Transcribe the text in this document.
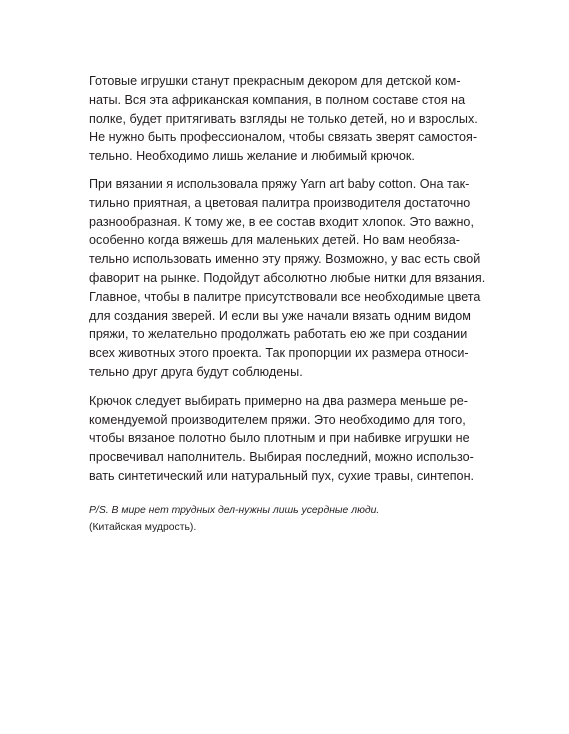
Готовые игрушки станут прекрасным декором для детской ком-
наты. Вся эта африканская компания, в полном составе стоя на
полке, будет притягивать взгляды не только детей, но и взрослых.
Не нужно быть профессионалом, чтобы связать зверят самостоя-
тельно. Необходимо лишь желание и любимый крючок.

При вязании я использовала пряжу Yarn art baby cotton. Она так-
тильно приятная, а цветовая палитра производителя достаточно
разнообразная. К тому же, в ее состав входит хлопок. Это важно,
особенно когда вяжешь для маленьких детей. Но вам необяза-
тельно использовать именно эту пряжу. Возможно, у вас есть свой
фаворит на рынке. Подойдут абсолютно любые нитки для вязания.
Главное, чтобы в палитре присутствовали все необходимые цвета
для создания зверей. И если вы уже начали вязать одним видом
пряжи, то желательно продолжать работать ею же при создании
всех животных этого проекта. Так пропорции их размера относи-
тельно друг друга будут соблюдены.

Крючок следует выбирать примерно на два размера меньше ре-
комендуемой производителем пряжи. Это необходимо для того,
чтобы вязаное полотно было плотным и при набивке игрушки не
просвечивал наполнитель. Выбирая последний, можно использо-
вать синтетический или натуральный пух, сухие травы, синтепон.

P/S. В мире нет трудных дел-нужны лишь усердные люди.

(Китайская мудрость).
